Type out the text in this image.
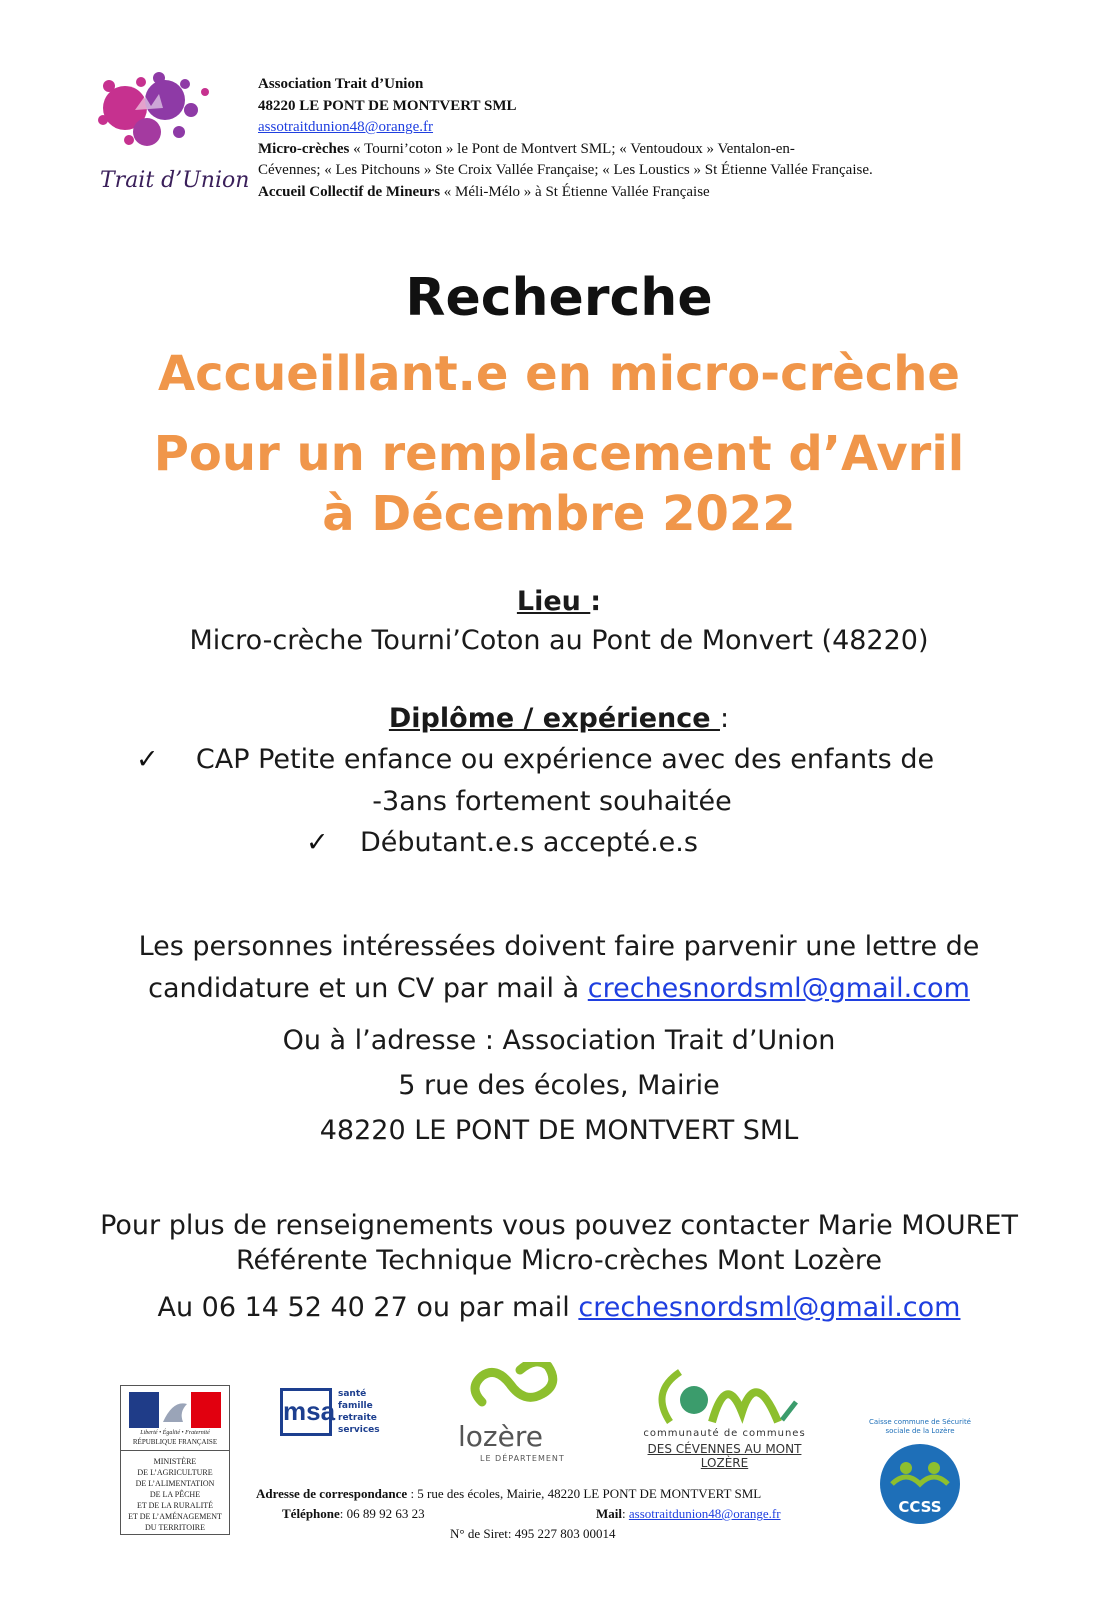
Trait d’Union
Association Trait d’Union
48220 LE PONT DE MONTVERT SML
assotraitdunion48@orange.fr
Micro-crèches « Tourni’coton » le Pont de Montvert SML; « Ventoudoux » Ventalon-en-
Cévennes; « Les Pitchouns » Ste Croix Vallée Française; « Les Loustics » St Étienne Vallée Française.
Accueil Collectif de Mineurs « Méli-Mélo » à St Étienne Vallée Française
Recherche
Accueillant.e en micro-crèche
Pour un remplacement d’Avril
à Décembre 2022
Lieu :
Micro-crèche Tourni’Coton au Pont de Monvert (48220)
Diplôme / expérience :
✓	CAP Petite enfance ou expérience avec des enfants de
-3ans fortement souhaitée
✓ Débutant.e.s accepté.e.s
Les personnes intéressées doivent faire parvenir une lettre de
candidature et un CV par mail à crechesnordsml@gmail.com
Ou à l’adresse : Association Trait d’Union
5 rue des écoles, Mairie
48220 LE PONT DE MONTVERT SML
Pour plus de renseignements vous pouvez contacter Marie MOURET
Référente Technique Micro-crèches Mont Lozère
Au 06 14 52 40 27 ou par mail crechesnordsml@gmail.com
Liberté • Égalité • Fraternité
RÉPUBLIQUE FRANÇAISE
MINISTÈRE
DE L’AGRICULTURE
DE L’ALIMENTATION
DE LA PÊCHE
ET DE LA RURALITÉ
ET DE L’AMÉNAGEMENT
DU TERRITOIRE
msa
santé
famille
retraite
services	lozère
LE DÉPARTEMENT
communauté de communes
DES CÉVENNES AU MONT LOZÈRE
CCSS
Caisse commune de Sécurité sociale de la Lozère
Adresse de correspondance : 5 rue des écoles, Mairie, 48220 LE PONT DE MONTVERT SML
Téléphone: 06 89 92 63 23	Mail: assotraitdunion48@orange.fr
N° de Siret: 495 227 803 00014
